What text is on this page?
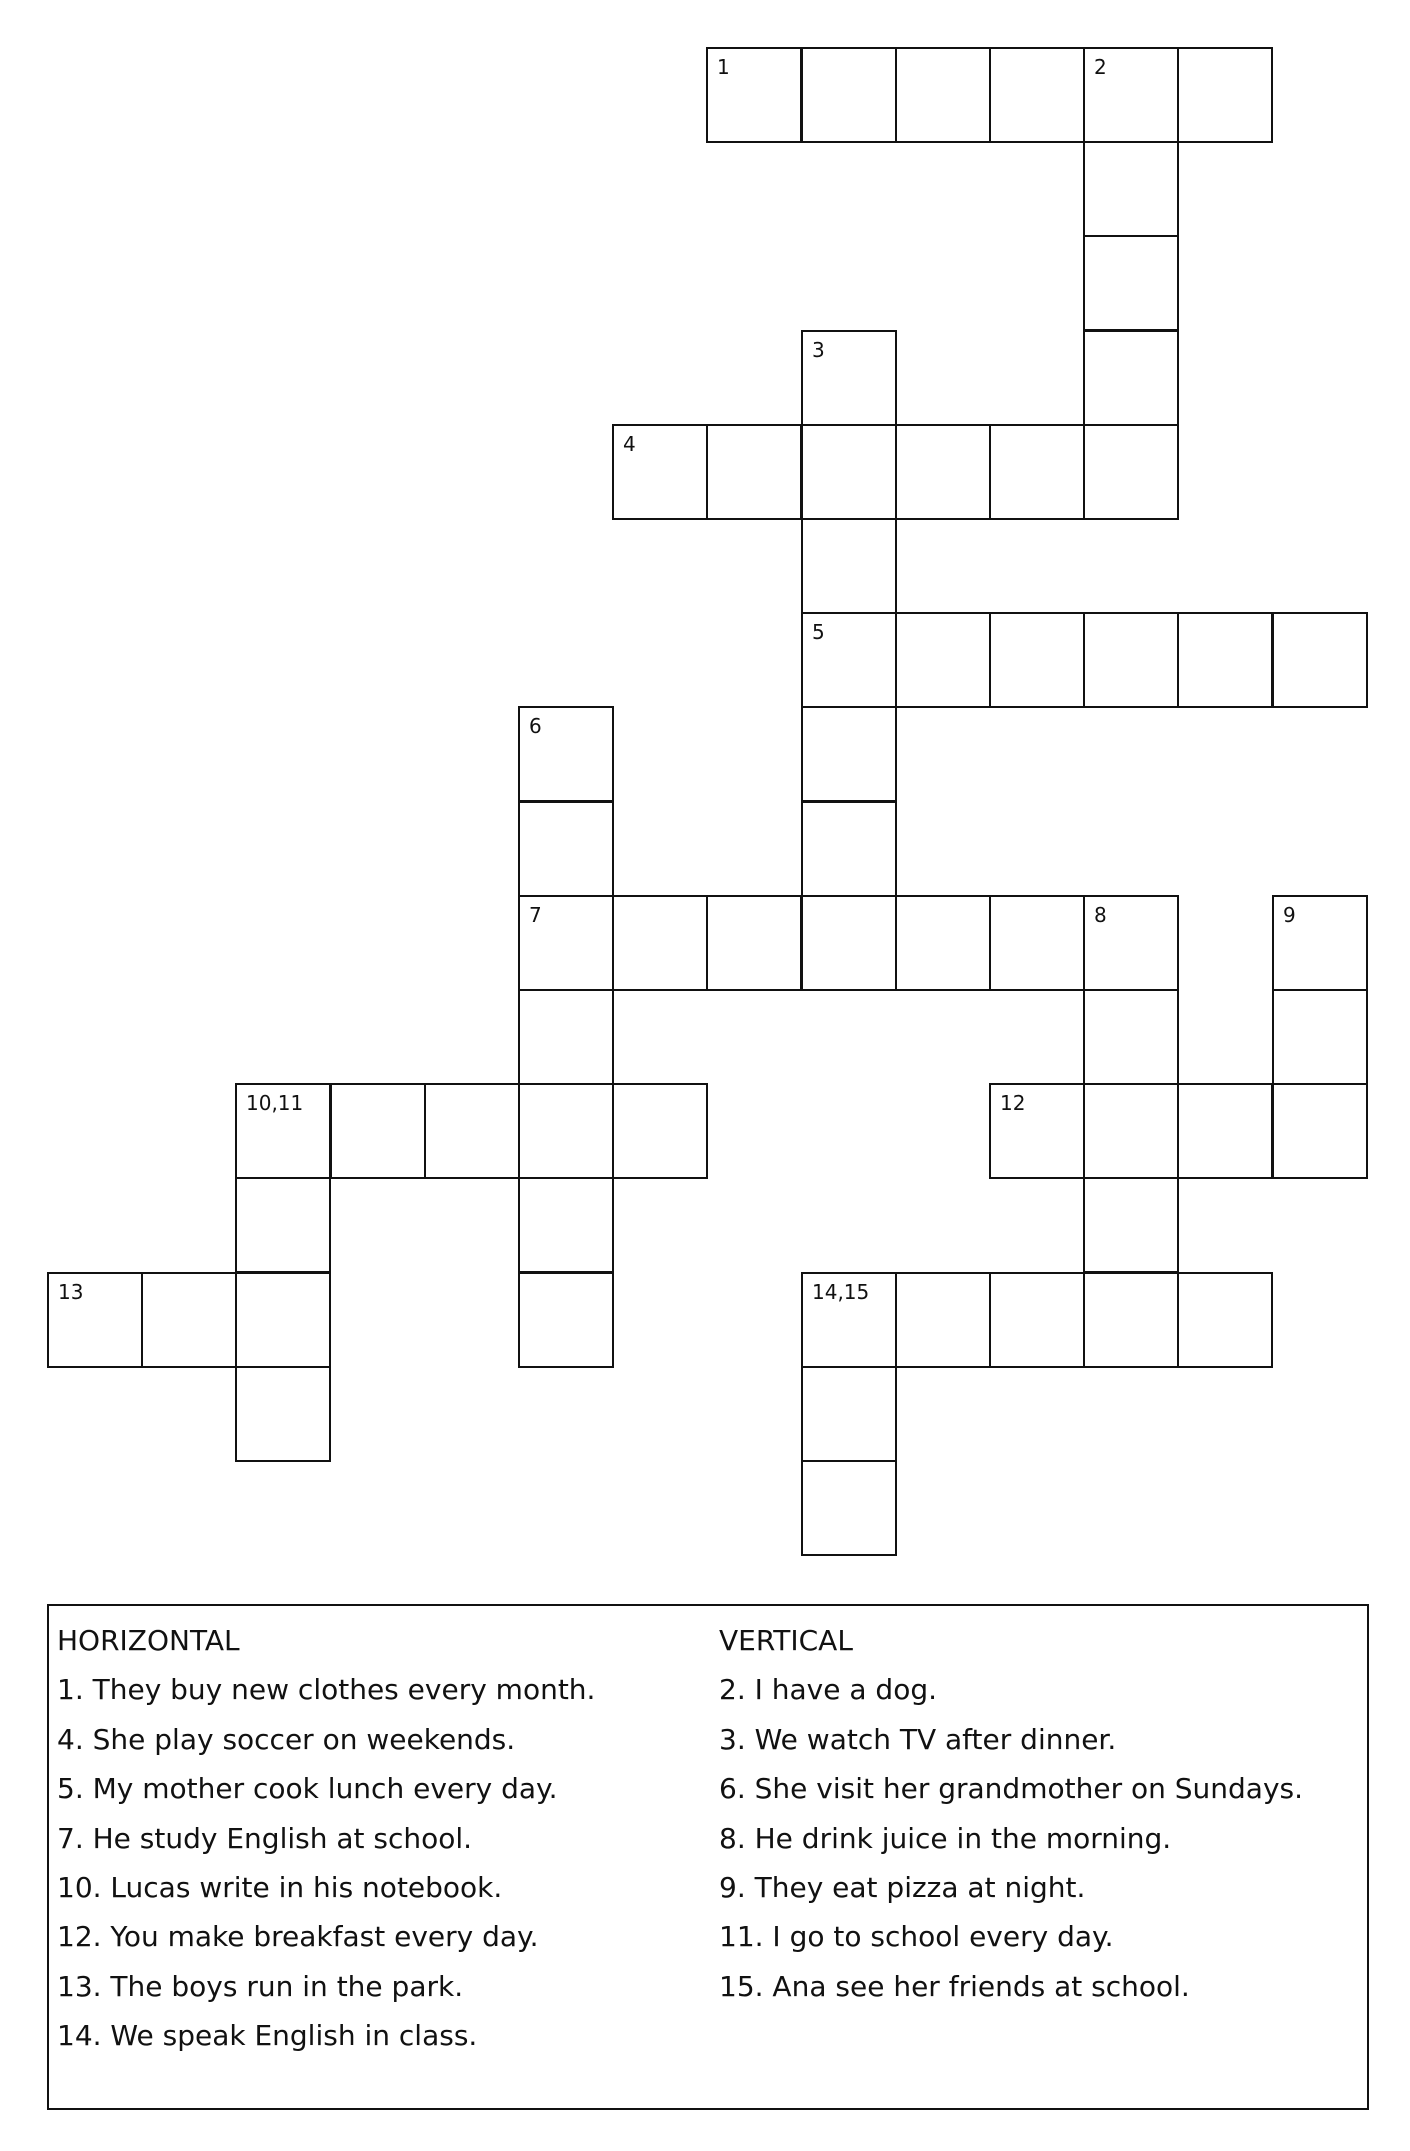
1	2
3
4
5
6
7	8	9
10,11	12
13	14,15
HORIZONTAL
1. They buy new clothes every month.
4. She play soccer on weekends.
5. My mother cook lunch every day.
7. He study English at school.
10. Lucas write in his notebook.
12. You make breakfast every day.
13. The boys run in the park.
14. We speak English in class.
VERTICAL
2. I have a dog.
3. We watch TV after dinner.
6. She visit her grandmother on Sundays.
8. He drink juice in the morning.
9. They eat pizza at night.
11. I go to school every day.
15. Ana see her friends at school.
